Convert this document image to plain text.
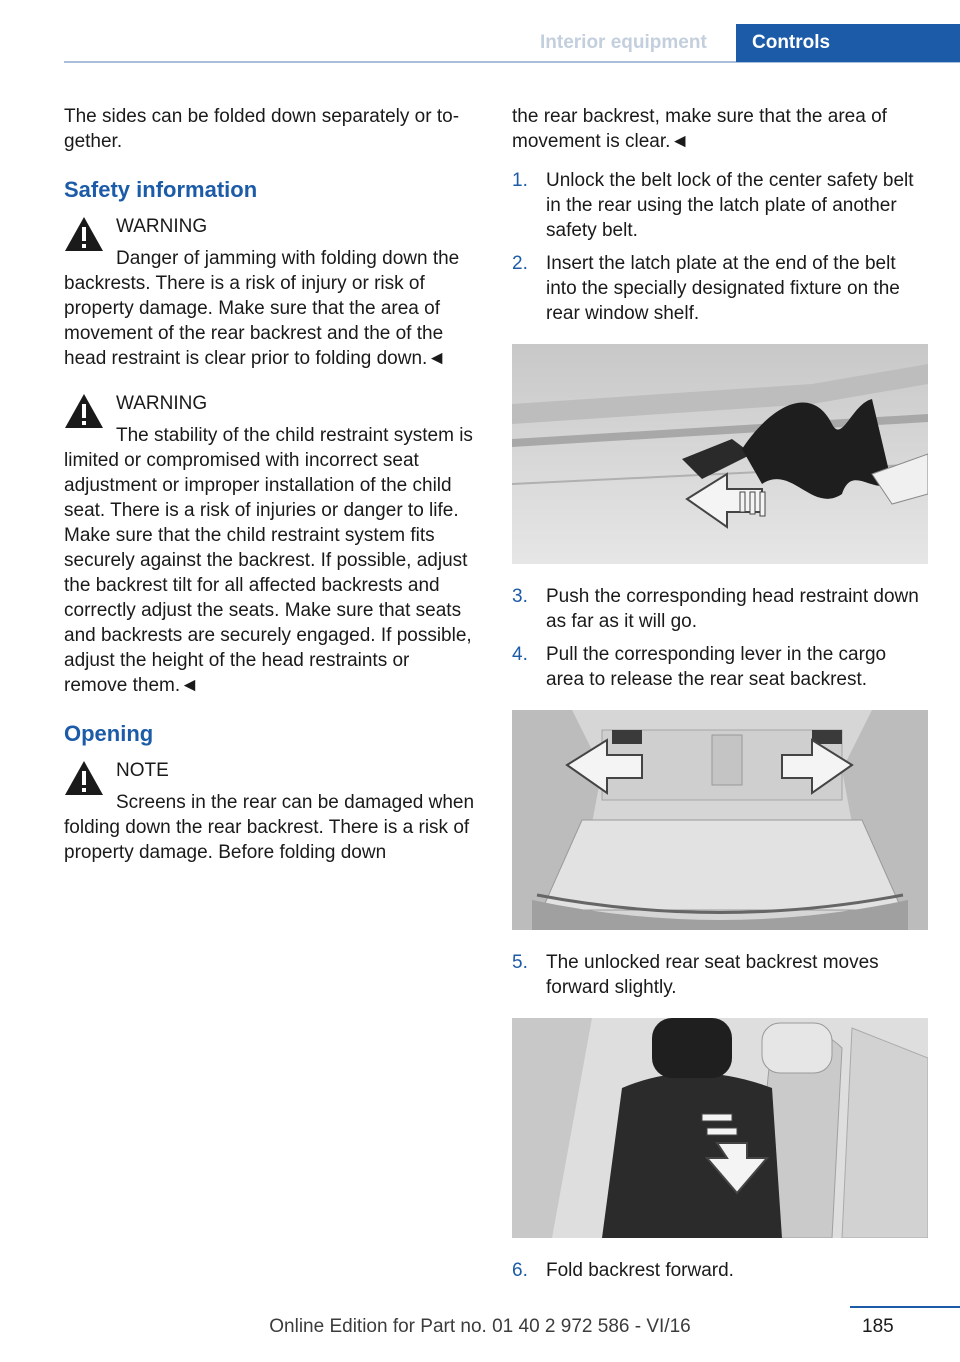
Interior equipment	Controls

The sides can be folded down separately or together.

Safety information
WARNING

Danger of jamming with folding down the backrests. There is a risk of injury or risk of property damage. Make sure that the area of movement of the rear backrest and the of the head restraint is clear prior to folding down.◄

WARNING

The stability of the child restraint system is limited or compromised with incorrect seat adjustment or improper installation of the child seat. There is a risk of injuries or danger to life. Make sure that the child restraint system fits securely against the backrest. If possible, adjust the backrest tilt for all affected backrests and correctly adjust the seats. Make sure that seats and backrests are securely engaged. If possible, adjust the height of the head restraints or remove them.◄

Opening
NOTE

Screens in the rear can be damaged when folding down the rear backrest. There is a risk of property damage. Before folding down

the rear backrest, make sure that the area of movement is clear.◄

1. Unlock the belt lock of the center safety belt in the rear using the latch plate of another safety belt.
2. Insert the latch plate at the end of the belt into the specially designated fixture on the rear window shelf.
3. Push the corresponding head restraint down as far as it will go.
4. Pull the corresponding lever in the cargo area to release the rear seat backrest.
5. The unlocked rear seat backrest moves forward slightly.
6. Fold backrest forward.
Online Edition for Part no. 01 40 2 972 586 - VI/16	185
